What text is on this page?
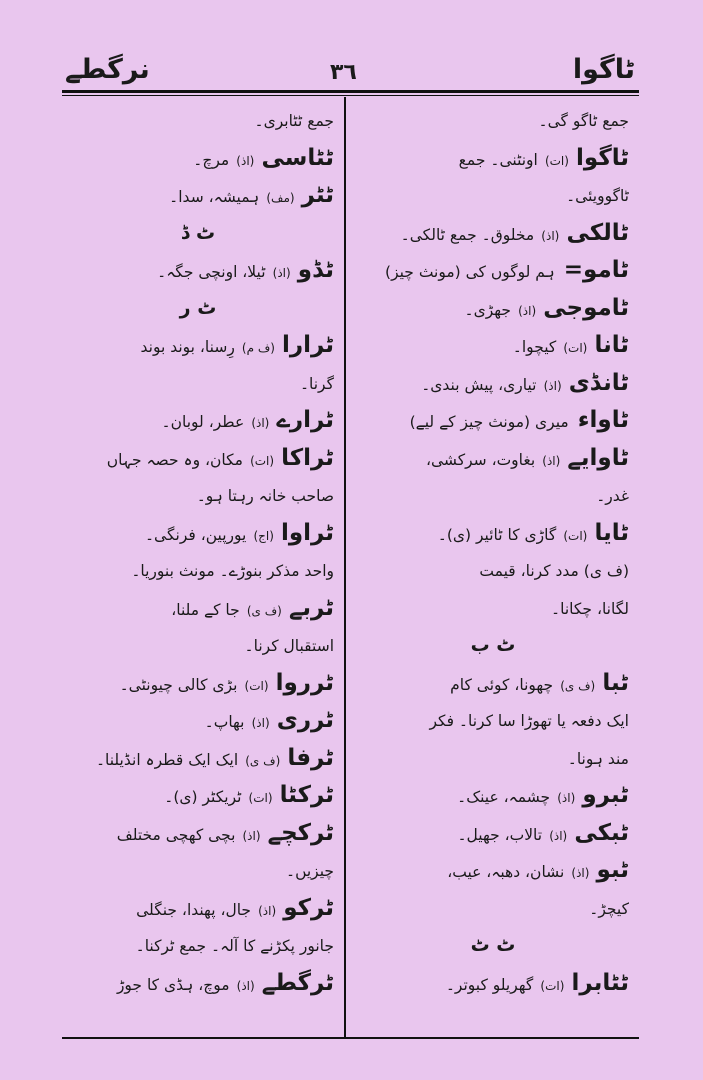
نرگطے	٣٦	ٹاگوا
جمع ٹاگو گی۔
ٹاگوا (ات) اونٹنی۔ جمع
ٹاگوویئی۔
ٹالکی (اذ) مخلوق۔ جمع ٹالکی۔
ٹامو= ہم لوگوں کی (مونث چیز)
ٹاموجی (اذ) جھڑی۔
ٹانا (ات) کیچوا۔
ٹانڈی (اذ) تیاری، پیش بندی۔
ٹاواء میری (مونث چیز کے لیے)
ٹاوایے (اذ) بغاوت، سرکشی،
غدر۔
ٹایا (ات) گاڑی کا ٹائیر (ی)۔
(ف ی) مدد کرنا، قیمت
لگانا، چکانا۔
ٹ ب
ٹبا (ف ی) چھونا، کوئی کام
ایک دفعہ یا تھوڑا سا کرنا۔ فکر
مند ہونا۔
ٹبرو (اذ) چشمہ، عینک۔
ٹبکی (اذ) تالاب، جھیل۔
ٹبو (اذ) نشان، دھبہ، عیب،
کیچڑ۔
ٹ ٹ
ٹٹابرا (ات) گھریلو کبوتر۔
جمع ٹٹابری۔
ٹٹاسی (اذ) مرچ۔
ٹٹر (مف) ہمیشہ، سدا۔
ٹ ڈ
ٹڈو (اذ) ٹیلا، اونچی جگہ۔
ٹ ر
ٹرارا (ف م) رِسنا، بوند بوند
گرنا۔
ٹرارے (اذ) عطر، لوبان۔
ٹراکا (ات) مکان، وہ حصہ جہاں
صاحب خانہ رہتا ہو۔
ٹراوا (اج) یورپین، فرنگی۔
واحد مذکر بنوڑے۔ مونث بنوریا۔
ٹربے (ف ی) جا کے ملنا،
استقبال کرنا۔
ٹرروا (ات) بڑی کالی چیونٹی۔
ٹرری (اذ) بھاپ۔
ٹرفا (ف ی) ایک ایک قطرہ انڈیلنا۔
ٹرکٹا (ات) ٹریکٹر (ی)۔
ٹرکچے (اذ) بچی کھچی مختلف
چیزیں۔
ٹرکو (اذ) جال، پھندا، جنگلی
جانور پکڑنے کا آلہ۔ جمع ٹرکنا۔
ٹرگطے (اذ) موچ، ہڈی کا جوڑ
